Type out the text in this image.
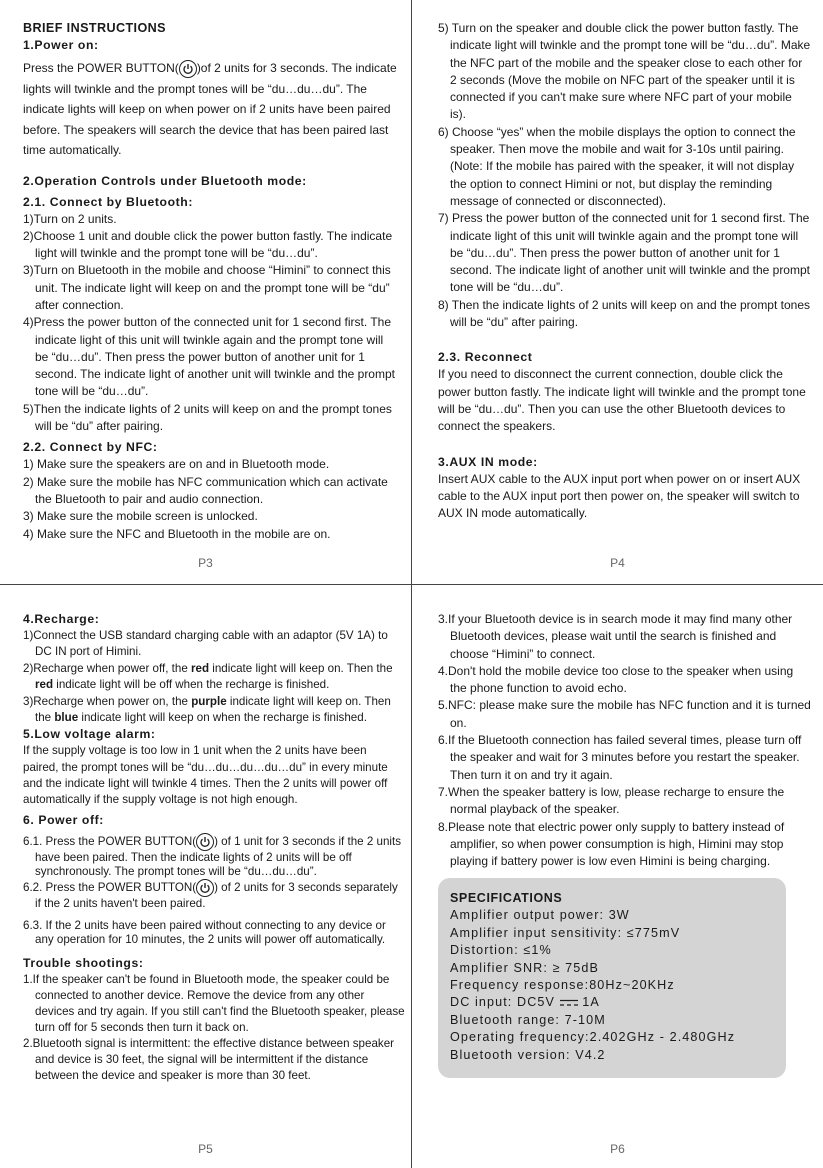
BRIEF INSTRUCTIONS

1.Power on:

Press the POWER BUTTON( )of 2 units for 3 seconds. The indicate lights will twinkle and the prompt tones will be “du…du…du”. The indicate lights will keep on when power on if 2 units have been paired before. The speakers will search the device that has been paired last time automatically.

2.Operation Controls under Bluetooth mode:

2.1. Connect by Bluetooth:

1)Turn on 2 units.

2)Choose 1 unit and double click the power button fastly. The indicate light will twinkle and the prompt tone will be “du…du”.

3)Turn on Bluetooth in the mobile and choose “Himini” to connect this unit. The indicate light will keep on and the prompt tone will be “du” after connection.

4)Press the power button of the connected unit for 1 second first. The indicate light of this unit will twinkle again and the prompt tone will be “du…du”. Then press the power button of another unit for 1 second. The indicate light of another unit will twinkle and the prompt tone will be “du…du”.

5)Then the indicate lights of 2 units will keep on and the prompt tones will be “du” after pairing.

2.2. Connect by NFC:

1) Make sure the speakers are on and in Bluetooth mode.

2) Make sure the mobile has NFC communication which can activate the Bluetooth to pair and audio connection.

3) Make sure the mobile screen is unlocked.

4) Make sure the NFC and Bluetooth in the mobile are on.

P3

5) Turn on the speaker and double click the power button fastly. The indicate light will twinkle and the prompt tone will be “du…du”. Make the NFC part of the mobile and the speaker close to each other for 2 seconds (Move the mobile on NFC part of the speaker until it is connected if you can't make sure where NFC part of your mobile is).

6) Choose “yes” when the mobile displays the option to connect the speaker. Then move the mobile and wait for 3-10s until pairing. (Note: If the mobile has paired with the speaker, it will not display the option to connect Himini or not, but display the reminding message of connected or disconnected).

7) Press the power button of the connected unit for 1 second first. The indicate light of this unit will twinkle again and the prompt tone will be “du…du”. Then press the power button of another unit for 1 second. The indicate light of another unit will twinkle and the prompt tone will be “du…du”.

8) Then the indicate lights of 2 units will keep on and the prompt tones will be “du” after pairing.

2.3. Reconnect

If you need to disconnect the current connection, double click the power button fastly. The indicate light will twinkle and the prompt tone will be “du…du”. Then you can use the other Bluetooth devices to connect the speakers.

3.AUX IN mode:

Insert AUX cable to the AUX input port when power on or insert AUX cable to the AUX input port then power on, the speaker will switch to AUX IN mode automatically.

P4

4.Recharge:

1)Connect the USB standard charging cable with an adaptor (5V 1A) to DC IN port of Himini.

2)Recharge when power off, the red indicate light will keep on. Then the red indicate light will be off when the recharge is finished.

3)Recharge when power on, the purple indicate light will keep on. Then the blue indicate light will keep on when the recharge is finished.

5.Low voltage alarm:

If the supply voltage is too low in 1 unit when the 2 units have been paired, the prompt tones will be “du…du…du…du…du” in every minute and the indicate light will twinkle 4 times. Then the 2 units will power off automatically if the supply voltage is not high enough.

6. Power off:

6.1. Press the POWER BUTTON( ) of 1 unit for 3 seconds if the 2 units have been paired. Then the indicate lights of 2 units will be off synchronously. The prompt tones will be “du…du…du”.

6.2. Press the POWER BUTTON( ) of 2 units for 3 seconds separately if the 2 units haven't been paired.

6.3. If the 2 units have been paired without connecting to any device or any operation for 10 minutes, the 2 units will power off automatically.

Trouble shootings:

1.If the speaker can't be found in Bluetooth mode, the speaker could be connected to another device. Remove the device from any other devices and try again. If you still can't find the Bluetooth speaker, please turn off for 5 seconds then turn it back on.

2.Bluetooth signal is intermittent: the effective distance between speaker and device is 30 feet, the signal will be intermittent if the distance between the device and speaker is more than 30 feet.

P5

3.If your Bluetooth device is in search mode it may find many other Bluetooth devices, please wait until the search is finished and choose “Himini” to connect.

4.Don't hold the mobile device too close to the speaker when using the phone function to avoid echo.

5.NFC: please make sure the mobile has NFC function and it is turned on.

6.If the Bluetooth connection has failed several times, please turn off the speaker and wait for 3 minutes before you restart the speaker. Then turn it on and try it again.

7.When the speaker battery is low, please recharge to ensure the normal playback of the speaker.

8.Please note that electric power only supply to battery instead of amplifier, so when power consumption is high, Himini may stop playing if battery power is low even Himini is being charging.

SPECIFICATIONS
Amplifier output power: 3W
Amplifier input sensitivity: ≤775mV
Distortion: ≤1%
Amplifier SNR: ≥ 75dB
Frequency response:80Hz~20KHz
DC input: DC5V 1A
Bluetooth range: 7-10M
Operating frequency:2.402GHz - 2.480GHz
Bluetooth version: V4.2
P6
